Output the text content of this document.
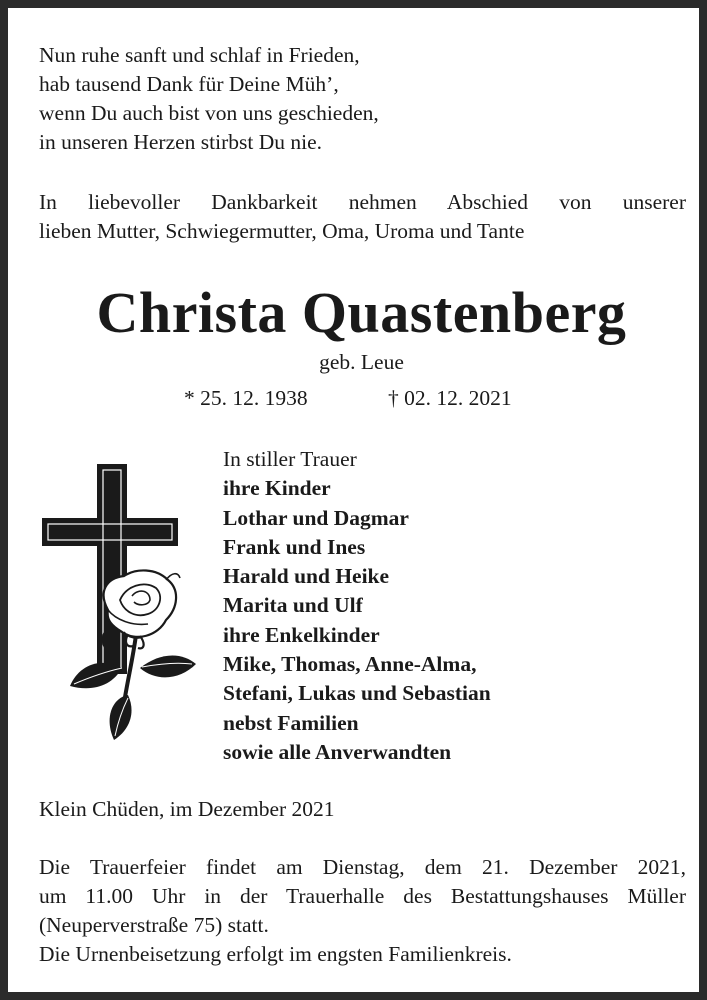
Nun ruhe sanft und schlaf in Frieden,
hab tausend Dank für Deine Müh’,
wenn Du auch bist von uns geschieden,
in unseren Herzen stirbst Du nie.
In liebevoller Dankbarkeit nehmen Abschied von unserer
lieben Mutter, Schwiegermutter, Oma, Uroma und Tante
Christa Quastenberg
geb. Leue
* 25. 12. 1938	† 02. 12. 2021
In stiller Trauer
ihre Kinder
Lothar und Dagmar
Frank und Ines
Harald und Heike
Marita und Ulf
ihre Enkelkinder
Mike, Thomas, Anne-Alma,
Stefani, Lukas und Sebastian
nebst Familien
sowie alle Anverwandten
Klein Chüden, im Dezember 2021
Die Trauerfeier findet am Dienstag, dem 21. Dezember 2021,
um 11.00 Uhr in der Trauerhalle des Bestattungshauses Müller
(Neuperverstraße 75) statt.
Die Urnenbeisetzung erfolgt im engsten Familienkreis.
